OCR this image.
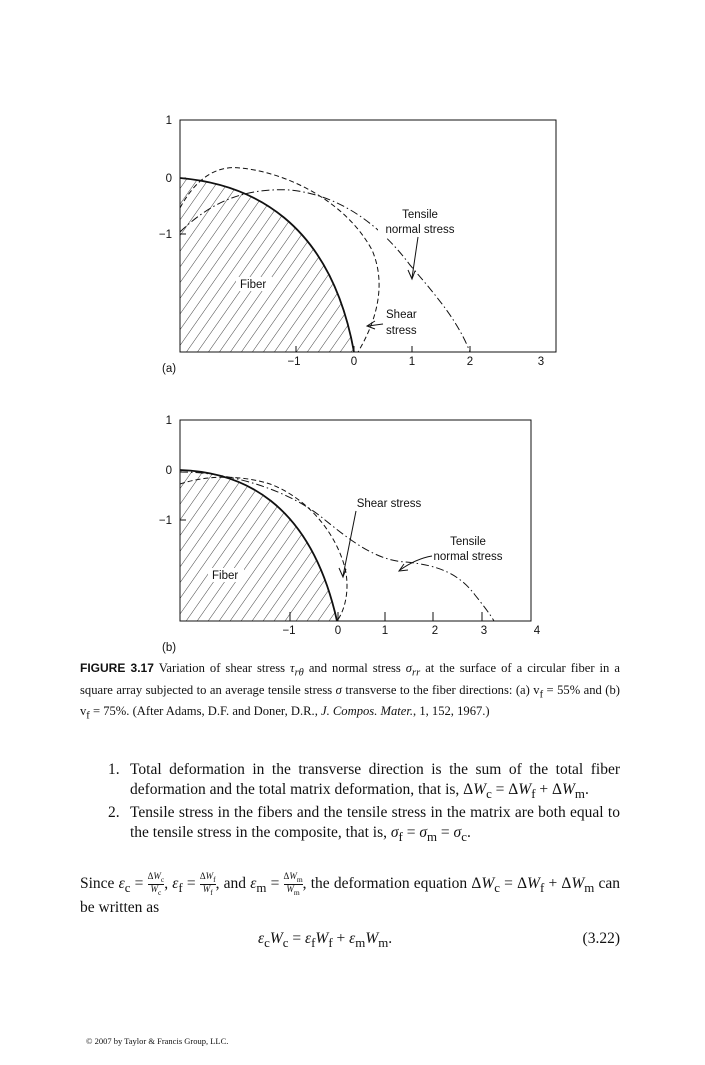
1
0
−1
−1	0	1	2	3
(a)
Fiber
Tensile
normal stress
Shear
stress
1
0
−1
−1	0	1	2	3	4
(b)
Fiber
Shear stress
Tensile
normal stress
FIGURE 3.17 Variation of shear stress $\tau_{r\theta}$ and normal stress $\sigma_{rr}$ at the surface of a circular fiber in a square array subjected to an average tensile stress σ transverse to the fiber directions: (a) $v_f = 55\%$ and (b) $v_f = 75\%$. (After Adams, D.F. and Doner, D.R., J. Compos. Mater., 1, 152, 1967.)
1. Total deformation in the transverse direction is the sum of the total fiber deformation and the total matrix deformation, that is, $\Delta W_c = \Delta W_f + \Delta W_m$.
2. Tensile stress in the fibers and the tensile stress in the matrix are both equal to the tensile stress in the composite, that is, $\sigma_f = \sigma_m = \sigma_c$.
Since $\varepsilon_c = \frac{\Delta W_c}{W_c}$ , $\varepsilon_f = \frac{\Delta W_f}{W_f}$ , and $\varepsilon_m = \frac{\Delta W_m}{W_m}$ , the deformation equation $\Delta W_c = \Delta W_f + \Delta W_m$ can be written as
$\varepsilon_cW_c = \varepsilon_fW_f + \varepsilon_mW_m$.	(3.22)
© 2007 by Taylor & Francis Group, LLC.
